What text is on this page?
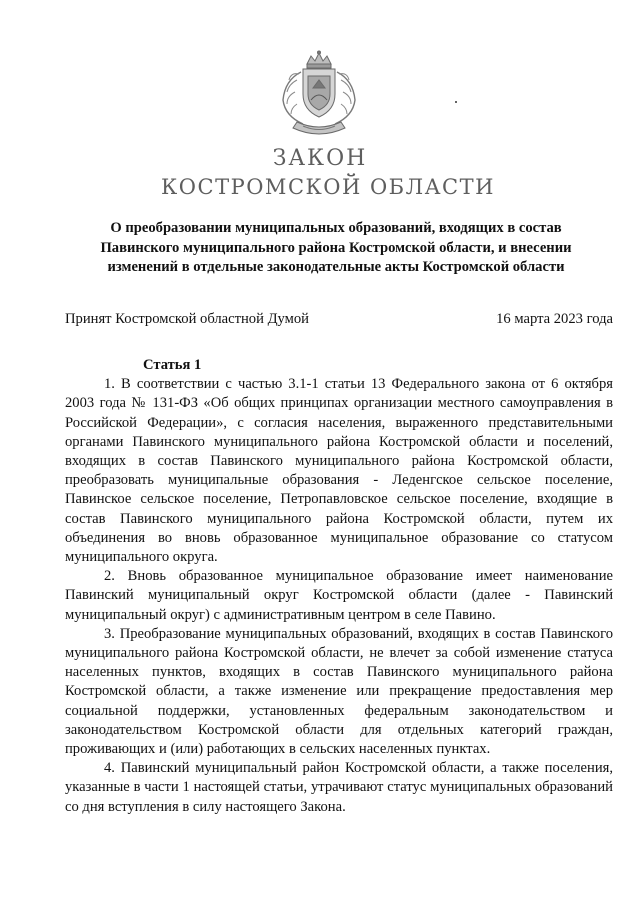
ЗАКОН
КОСТРОМСКОЙ ОБЛАСТИ
О преобразовании муниципальных образований, входящих в состав Павинского муниципального района Костромской области, и внесении изменений в отдельные законодательные акты Костромской области
Принят Костромской областной Думой	16 марта 2023 года

Статья 1

1. В соответствии с частью 3.1-1 статьи 13 Федерального закона от 6 октября 2003 года № 131-ФЗ «Об общих принципах организации местного самоуправления в Российской Федерации», с согласия населения, выраженного представительными органами Павинского муниципального района Костромской области и поселений, входящих в состав Павинского муниципального района Костромской области, преобразовать муниципальные образования - Леденгское сельское поселение, Павинское сельское поселение, Петропавловское сельское поселение, входящие в состав Павинского муниципального района Костромской области, путем их объединения во вновь образованное муниципальное образование со статусом муниципального округа.

2. Вновь образованное муниципальное образование имеет наименование Павинский муниципальный округ Костромской области (далее - Павинский муниципальный округ) с административным центром в селе Павино.

3. Преобразование муниципальных образований, входящих в состав Павинского муниципального района Костромской области, не влечет за собой изменение статуса населенных пунктов, входящих в состав Павинского муниципального района Костромской области, а также изменение или прекращение предоставления мер социальной поддержки, установленных федеральным законодательством и законодательством Костромской области для отдельных категорий граждан, проживающих и (или) работающих в сельских населенных пунктах.

4. Павинский муниципальный район Костромской области, а также поселения, указанные в части 1 настоящей статьи, утрачивают статус муниципальных образований со дня вступления в силу настоящего Закона.
